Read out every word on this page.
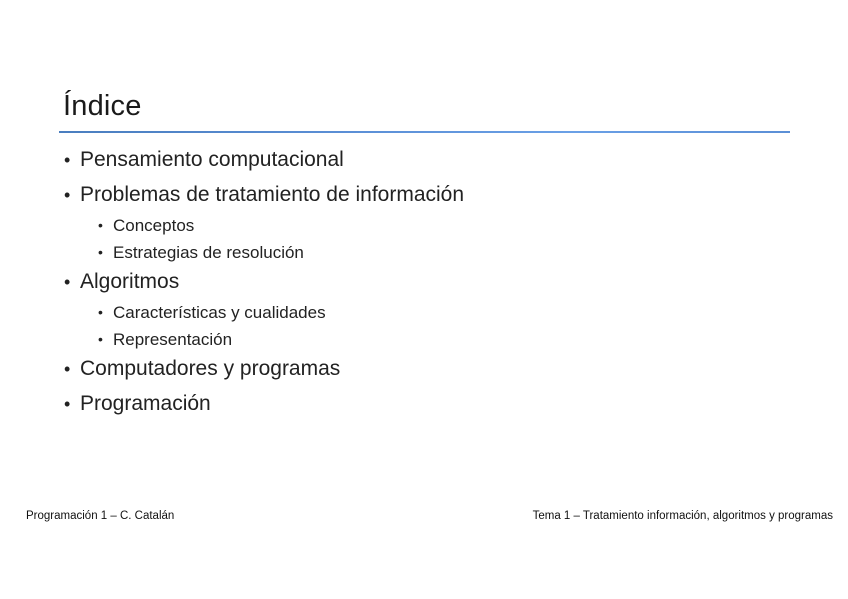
Índice
• Pensamiento computacional
• Problemas de tratamiento de información
• Conceptos
• Estrategias de resolución
• Algoritmos
• Características y cualidades
• Representación
• Computadores y programas
• Programación
Programación 1 – C. Catalán	Tema 1 – Tratamiento información, algoritmos y programas
